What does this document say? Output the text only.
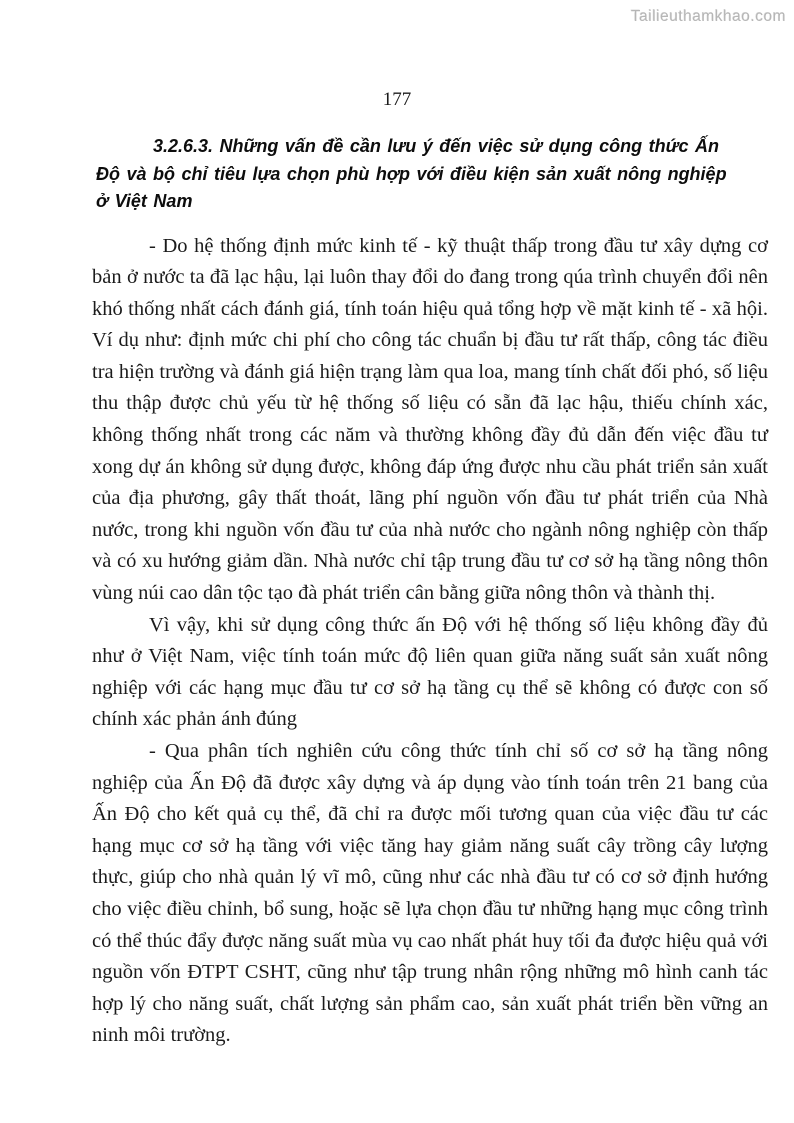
Tailieuthamkhao.com
177
3.2.6.3. Những vấn đề cần lưu ý đến việc sử dụng công thức Ấn Độ và bộ chỉ tiêu lựa chọn phù hợp với điều kiện sản xuất nông nghiệp ở Việt Nam

- Do hệ thống định mức kinh tế - kỹ thuật thấp trong đầu tư xây dựng cơ bản ở nước ta đã lạc hậu, lại luôn thay đổi do đang trong qúa trình chuyển đổi nên khó thống nhất cách đánh giá, tính toán hiệu quả tổng hợp về mặt kinh tế - xã hội. Ví dụ như: định mức chi phí cho công tác chuẩn bị đầu tư rất thấp, công tác điều tra hiện trường và đánh giá hiện trạng làm qua loa, mang tính chất đối phó, số liệu thu thập được chủ yếu từ hệ thống số liệu có sẵn đã lạc hậu, thiếu chính xác, không thống nhất trong các năm và thường không đầy đủ dẫn đến việc đầu tư xong dự án không sử dụng được, không đáp ứng được nhu cầu phát triển sản xuất của địa phương, gây thất thoát, lãng phí nguồn vốn đầu tư phát triển của Nhà nước, trong khi nguồn vốn đầu tư của nhà nước cho ngành nông nghiệp còn thấp và có xu hướng giảm dần. Nhà nước chỉ tập trung đầu tư cơ sở hạ tầng nông thôn vùng núi cao dân tộc tạo đà phát triển cân bằng giữa nông thôn và thành thị.

Vì vậy, khi sử dụng công thức ấn Độ với hệ thống số liệu không đầy đủ như ở Việt Nam, việc tính toán mức độ liên quan giữa năng suất sản xuất nông nghiệp với các hạng mục đầu tư cơ sở hạ tầng cụ thể sẽ không có được con số chính xác phản ánh đúng

- Qua phân tích nghiên cứu công thức tính chỉ số cơ sở hạ tầng nông nghiệp của Ấn Độ đã được xây dựng và áp dụng vào tính toán trên 21 bang của Ấn Độ cho kết quả cụ thể, đã chỉ ra được mối tương quan của việc đầu tư các hạng mục cơ sở hạ tầng với việc tăng hay giảm năng suất cây trồng cây lượng thực, giúp cho nhà quản lý vĩ mô, cũng như các nhà đầu tư có cơ sở định hướng cho việc điều chỉnh, bổ sung, hoặc sẽ lựa chọn đầu tư những hạng mục công trình có thể thúc đẩy được năng suất mùa vụ cao nhất phát huy tối đa được hiệu quả với nguồn vốn ĐTPT CSHT, cũng như tập trung nhân rộng những mô hình canh tác hợp lý cho năng suất, chất lượng sản phẩm cao, sản xuất phát triển bền vững an ninh môi trường.
